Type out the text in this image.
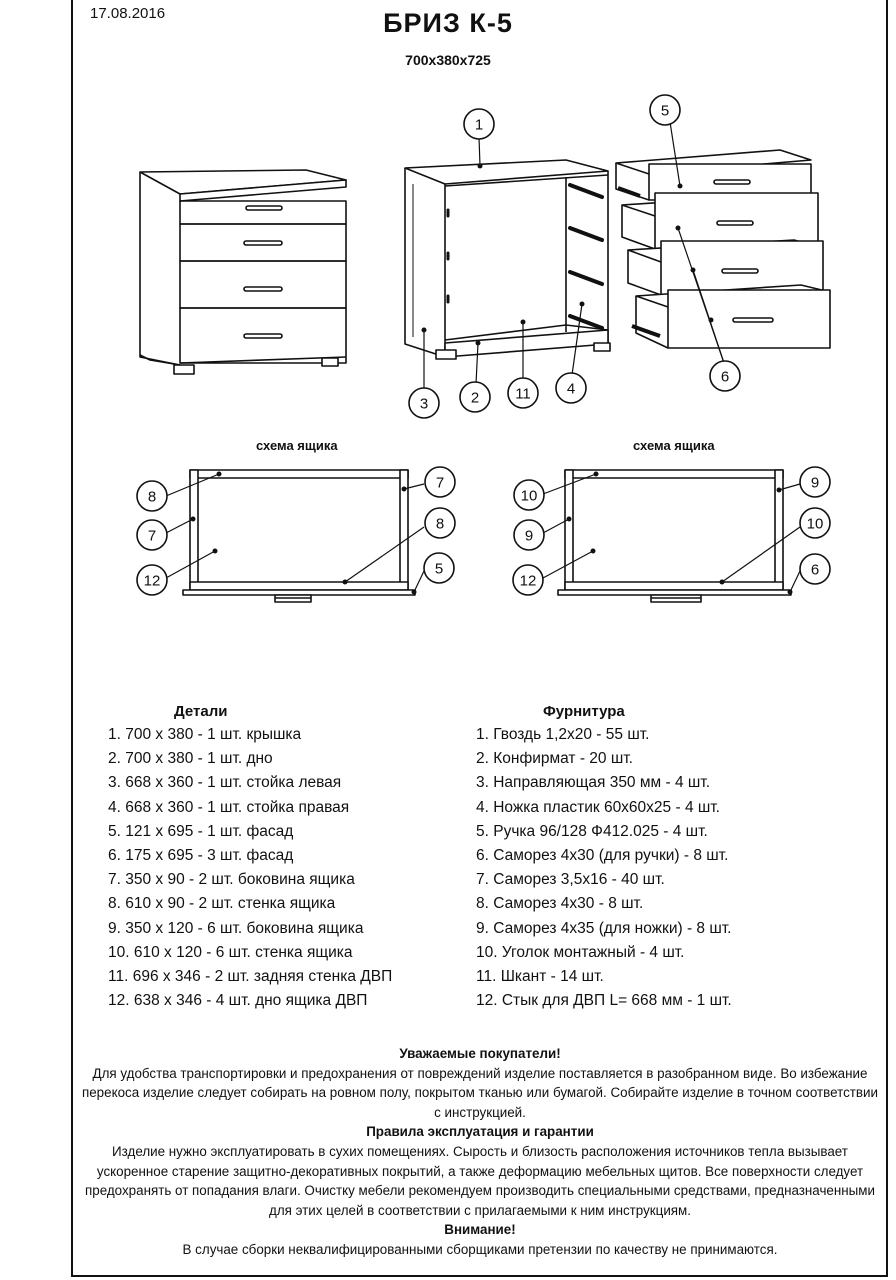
17.08.2016	БРИЗ К-5
700x380x725
1
5
3	2 11 4
6
8
7
7
8
12
5
10
9
9
10
12
6
схема ящика	схема ящика
Детали	Фурнитура
1. 700 х 380 - 1 шт. крышка
2. 700 х 380 - 1 шт. дно
3. 668 х 360 - 1 шт. стойка левая
4. 668 х 360 - 1 шт. стойка правая
5. 121 х 695 - 1 шт. фасад
6. 175 х 695 - 3 шт. фасад
7. 350 х 90 - 2 шт. боковина ящика
8. 610 х 90 - 2 шт. стенка ящика
9. 350 х 120 - 6 шт. боковина ящика
10. 610 х 120 - 6 шт. стенка ящика
11. 696 х 346 - 2 шт. задняя стенка ДВП
12. 638 х 346 - 4 шт. дно ящика ДВП
1. Гвоздь 1,2х20 - 55 шт.
2. Конфирмат - 20 шт.
3. Направляющая 350 мм - 4 шт.
4. Ножка пластик 60х60х25 - 4 шт.
5. Ручка 96/128 Ф412.025 - 4 шт.
6. Саморез 4х30 (для ручки) - 8 шт.
7. Саморез 3,5х16 - 40 шт.
8. Саморез 4х30 - 8 шт.
9. Саморез 4х35 (для ножки) - 8 шт.
10. Уголок монтажный - 4 шт.
11. Шкант - 14 шт.
12. Стык для ДВП L= 668 мм - 1 шт.

Уважаемые покупатели!

Для удобства транспортировки и предохранения от повреждений изделие поставляется в разобранном виде. Во избежание перекоса изделие следует собирать на ровном полу, покрытом тканью или бумагой. Собирайте изделие в точном соответствии с инструкцией.

Правила эксплуатация и гарантии

Изделие нужно эксплуатировать в сухих помещениях. Сырость и близость расположения источников тепла вызывает ускоренное старение защитно-декоративных покрытий, а также деформацию мебельных щитов. Все поверхности следует предохранять от попадания влаги. Очистку мебели рекомендуем производить специальными средствами, предназначенными для этих целей в соответствии с прилагаемыми к ним инструкциям.

Внимание!

В случае сборки неквалифицированными сборщиками претензии по качеству не принимаются.
